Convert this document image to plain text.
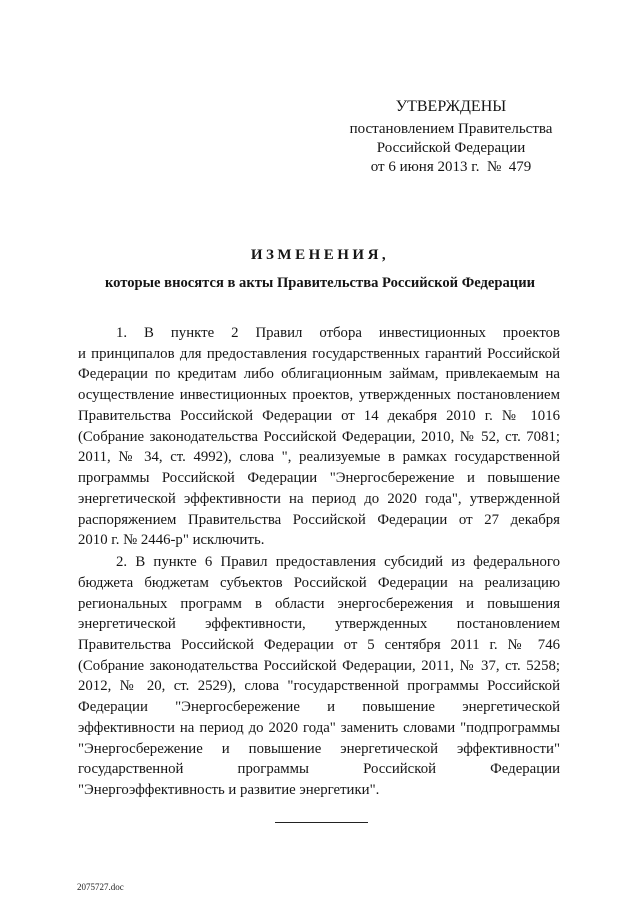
УТВЕРЖДЕНЫ
постановлением Правительства
Российской Федерации
от 6 июня 2013 г.  №  479
ИЗМЕНЕНИЯ,
которые вносятся в акты Правительства Российской Федерации
1. В пункте 2 Правил отбора инвестиционных проектов
и принципалов для предоставления государственных гарантий Российской
Федерации по кредитам либо облигационным займам, привлекаемым на
осуществление инвестиционных проектов, утвержденных постановлением
Правительства Российской Федерации от 14 декабря 2010 г. № 1016
(Собрание законодательства Российской Федерации, 2010, № 52, ст. 7081;
2011, № 34, ст. 4992), слова ", реализуемые в рамках государственной
программы Российской Федерации "Энергосбережение и повышение
энергетической эффективности на период до 2020 года", утвержденной
распоряжением Правительства Российской Федерации от 27 декабря
2010 г. № 2446-р" исключить.
2. В пункте 6 Правил предоставления субсидий из федерального
бюджета бюджетам субъектов Российской Федерации на реализацию
региональных программ в области энергосбережения и повышения
энергетической эффективности, утвержденных постановлением
Правительства Российской Федерации от 5 сентября 2011 г. № 746
(Собрание законодательства Российской Федерации, 2011, № 37, ст. 5258;
2012, № 20, ст. 2529), слова "государственной программы Российской
Федерации "Энергосбережение и повышение энергетической
эффективности на период до 2020 года" заменить словами "подпрограммы
"Энергосбережение и повышение энергетической эффективности"
государственной программы Российской Федерации
"Энергоэффективность и развитие энергетики".
2075727.doc
